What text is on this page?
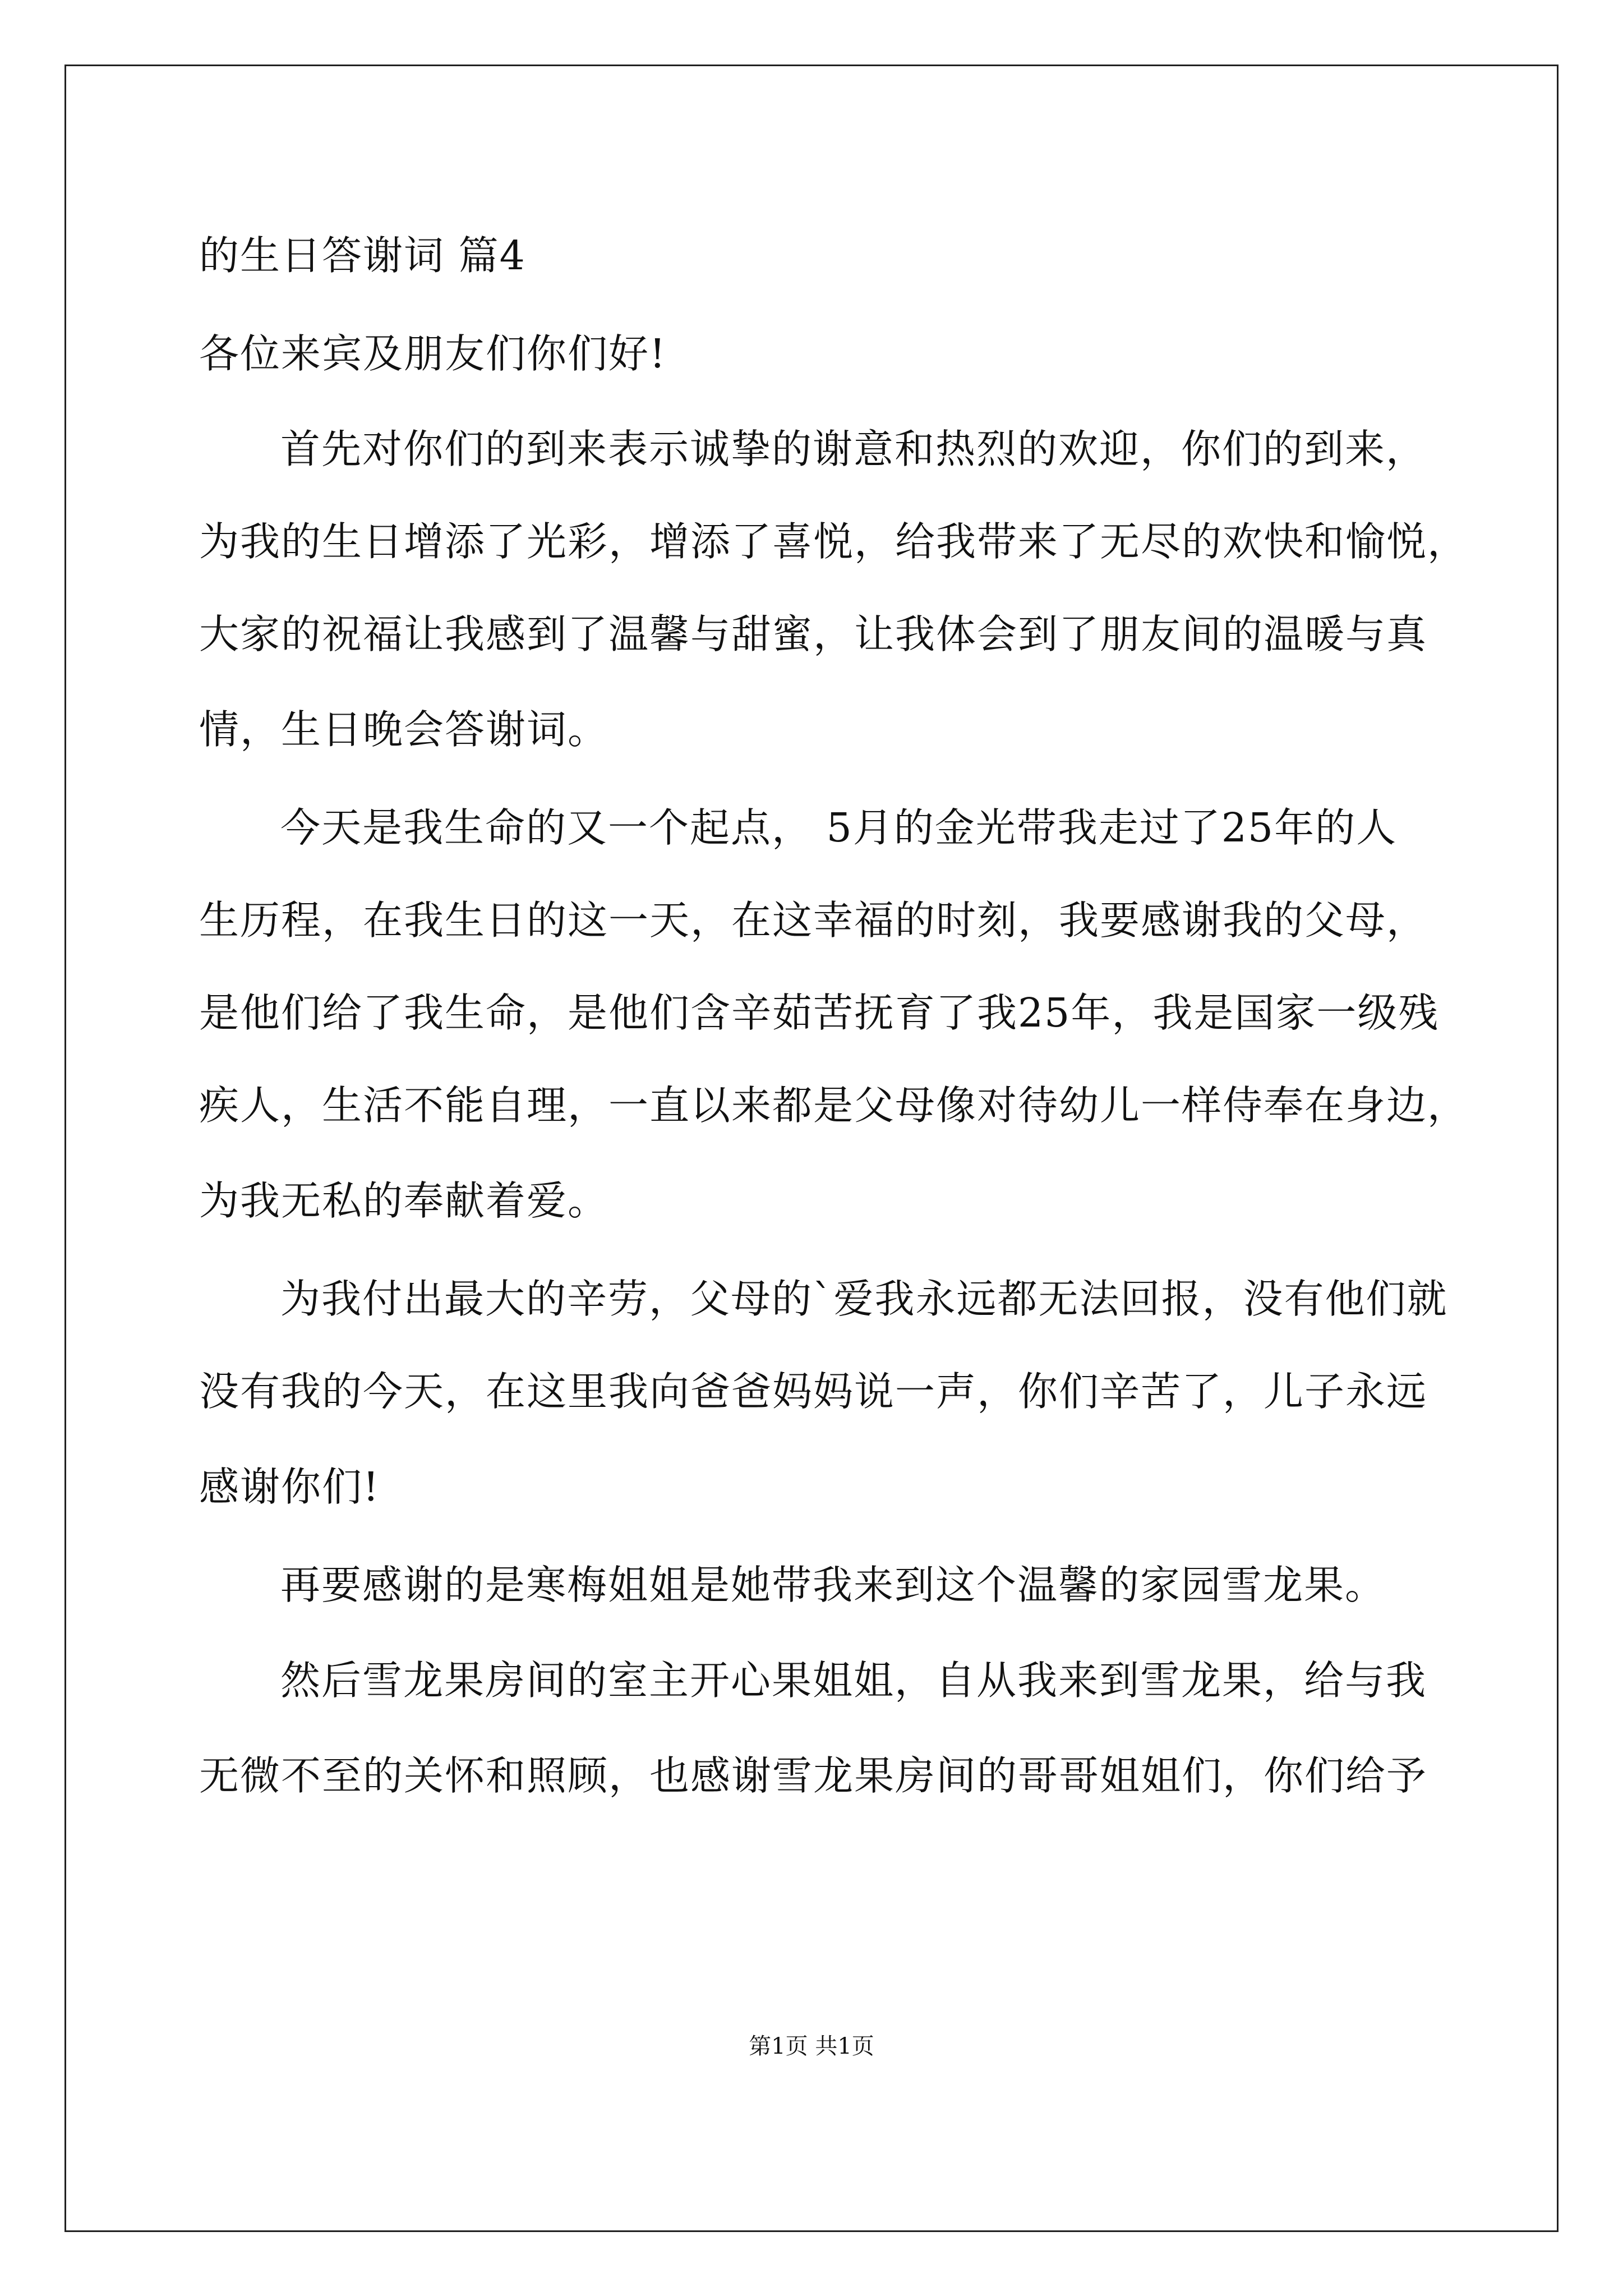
的生日答谢词 篇4

各位来宾及朋友们你们好!

首先对你们的到来表示诚挚的谢意和热烈的欢迎，你们的到来，

为我的生日增添了光彩，增添了喜悦，给我带来了无尽的欢快和愉悦，

大家的祝福让我感到了温馨与甜蜜，让我体会到了朋友间的温暖与真

情，生日晚会答谢词。

今天是我生命的又一个起点， 5月的金光带我走过了25年的人

生历程，在我生日的这一天，在这幸福的时刻，我要感谢我的父母，

是他们给了我生命，是他们含辛茹苦抚育了我25年，我是国家一级残

疾人，生活不能自理，一直以来都是父母像对待幼儿一样侍奉在身边，

为我无私的奉献着爱。

为我付出最大的辛劳，父母的`爱我永远都无法回报，没有他们就

没有我的今天，在这里我向爸爸妈妈说一声，你们辛苦了，儿子永远

感谢你们!

再要感谢的是寒梅姐姐是她带我来到这个温馨的家园雪龙果。

然后雪龙果房间的室主开心果姐姐，自从我来到雪龙果，给与我

无微不至的关怀和照顾，也感谢雪龙果房间的哥哥姐姐们，你们给予

第1页 共1页
